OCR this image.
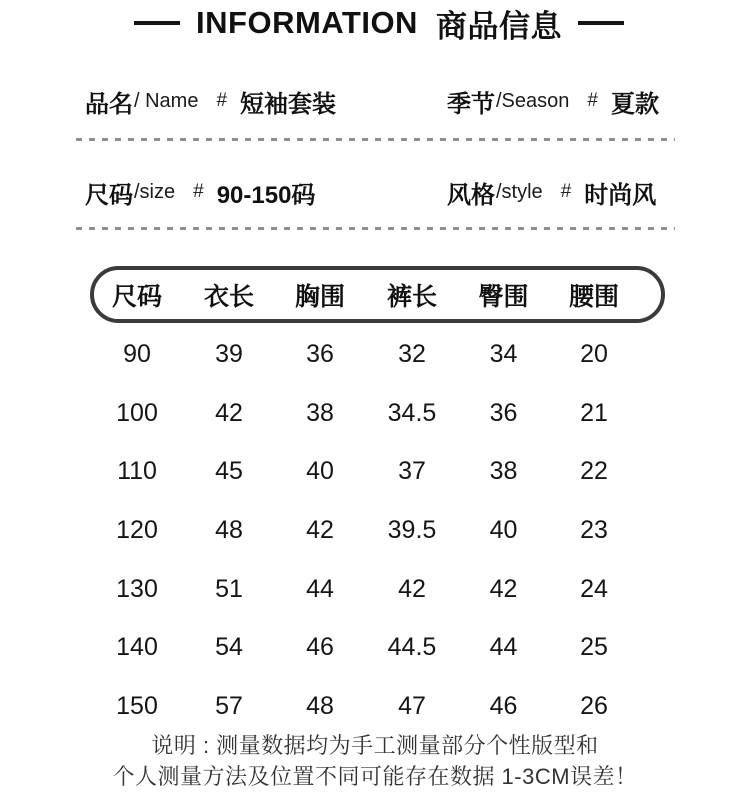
INFORMATION 商品信息
品名 / Name # 短袖套装	季节 /Season # 夏款
尺码 /size # 90-150码	风格 /style # 时尚风
尺码	衣长	胸围	裤长	臀围	腰围
90	39	36	32	34	20
100	42	38	34.5	36	21
110	45	40	37	38	22
120	48	42	39.5	40	23
130	51	44	42	42	24
140	54	46	44.5	44	25
150	57	48	47	46	26

说明 : 测量数据均为手工测量部分个性版型和

个人测量方法及位置不同可能存在数据 1-3CM误差！
